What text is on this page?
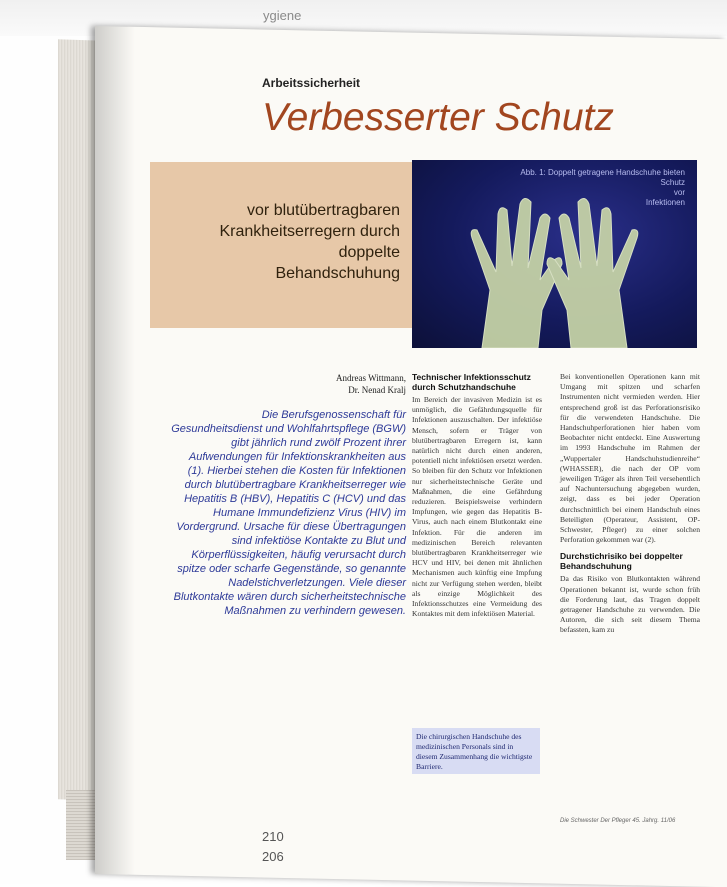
ygiene
Arbeitssicherheit
Verbesserter Schutz
vor blutübertragbaren
Krankheitserregern durch
doppelte
Behandschuhung
Abb. 1: Doppelt getragene Handschuhe bieten Schutz
vor
Infektionen
Andreas Wittmann,
Dr. Nenad Kralj
Die Berufsgenossenschaft für Gesundheitsdienst und Wohlfahrtspflege (BGW) gibt jährlich rund zwölf Prozent ihrer Aufwendungen für Infektionskrankheiten aus (1). Hierbei stehen die Kosten für Infektionen durch blutübertragbare Krankheitserreger wie Hepatitis B (HBV), Hepatitis C (HCV) und das Humane Immundefizienz Virus (HIV) im Vordergrund. Ursache für diese Übertragungen sind infektiöse Kontakte zu Blut und Körperflüssigkeiten, häufig verursacht durch spitze oder scharfe Gegenstände, so genannte Nadelstichverletzungen. Viele dieser Blutkontakte wären durch sicherheitstechnische Maßnahmen zu verhindern gewesen.
Technischer Infektionsschutz durch Schutzhandschuhe
Im Bereich der invasiven Medizin ist es unmöglich, die Gefährdungsquelle für Infektionen auszuschalten. Der infektiöse Mensch, sofern er Träger von blutübertragbaren Erregern ist, kann natürlich nicht durch einen anderen, potentiell nicht infektiösen ersetzt werden. So bleiben für den Schutz vor Infektionen nur sicherheitstechnische Geräte und Maßnahmen, die eine Gefährdung reduzieren. Beispielsweise verhindern Impfungen, wie gegen das Hepatitis B-Virus, auch nach einem Blutkontakt eine Infektion. Für die anderen im medizinischen Bereich relevanten blutübertragbaren Krankheitserreger wie HCV und HIV, bei denen mit ähnlichen Mechanismen auch künftig eine Impfung nicht zur Verfügung stehen werden, bleibt als einzige Möglichkeit des Infektionsschutzes eine Vermeidung des Kontaktes mit dem infektiösen Material.
Die chirurgischen Handschuhe des medizinischen Personals sind in diesem Zusammenhang die wichtigste Barriere.
Bei konventionellen Operationen kann mit Umgang mit spitzen und scharfen Instrumenten nicht vermieden werden. Hier entsprechend groß ist das Perforationsrisiko für die verwendeten Handschuhe. Die Handschuhperforationen hier haben vom Beobachter nicht entdeckt. Eine Auswertung im 1993 Handschuhe im Rahmen der „Wuppertaler Handschuhstudienreihe“ (WHASSER), die nach der OP vom jeweiligen Träger als ihren Teil versehentlich auf Nachuntersuchung abgegeben wurden, zeigt, dass es bei jeder Operation durchschnittlich bei einem Handschuh eines Beteiligten (Operateur, Assistent, OP-Schwester, Pfleger) zu einer solchen Perforation gekommen war (2).
Durchstichrisiko bei doppelter Behandschuhung
Da das Risiko von Blutkontakten während Operationen bekannt ist, wurde schon früh die Forderung laut, das Tragen doppelt getragener Handschuhe zu verwenden. Die Autoren, die sich seit diesem Thema befassten, kam zu
Die Schwester Der Pfleger 45. Jahrg. 11/06
210
206
